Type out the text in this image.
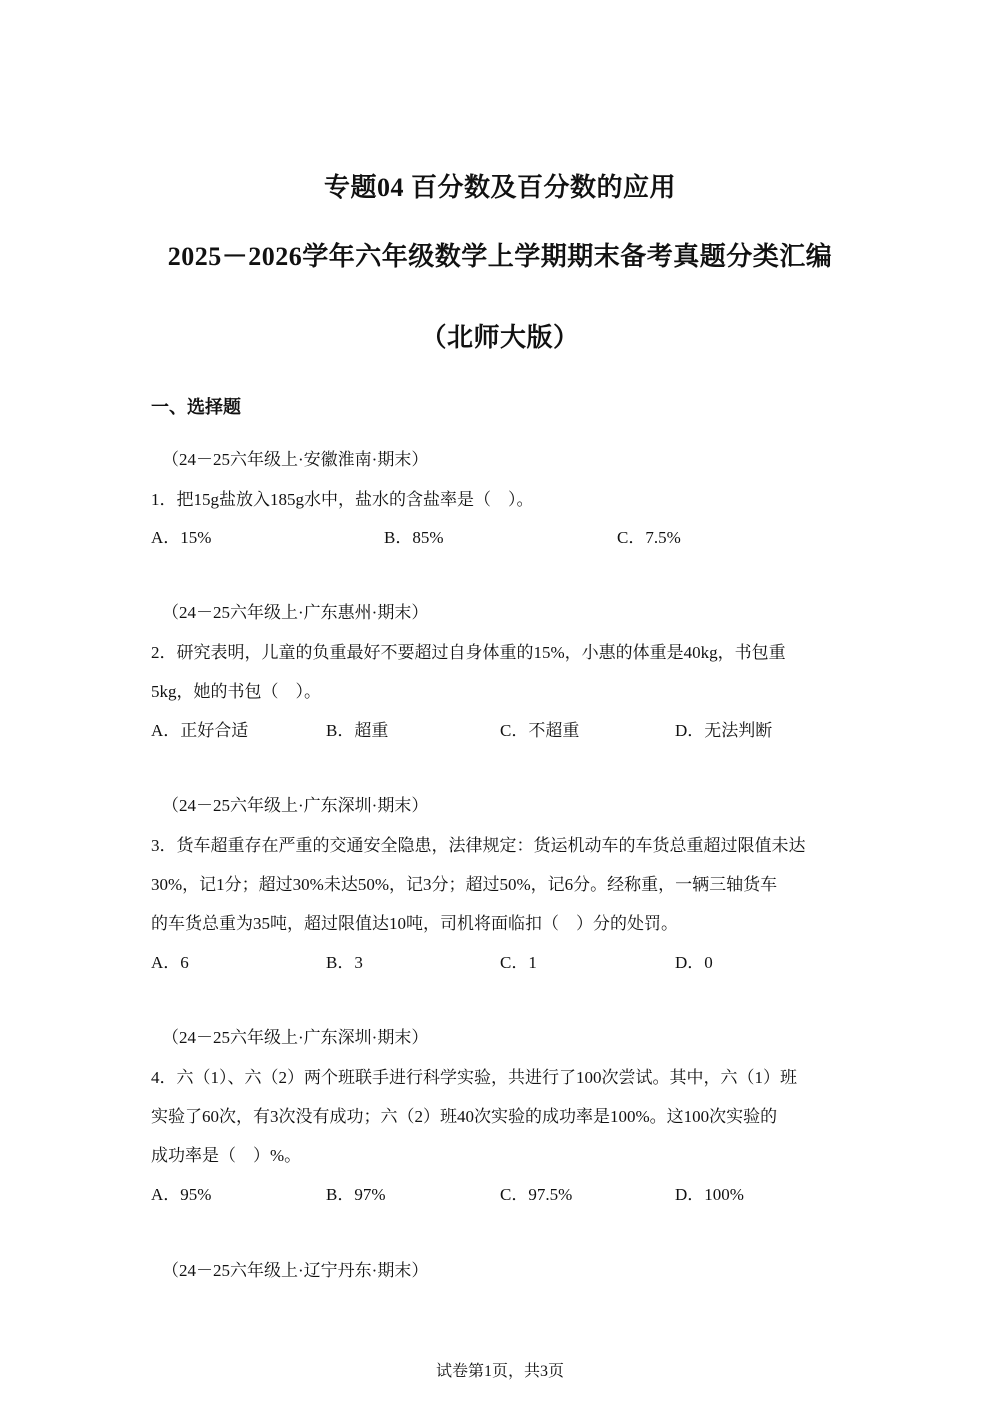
专题04 百分数及百分数的应用
2025－2026学年六年级数学上学期期末备考真题分类汇编
（北师大版）
一、选择题
（24－25六年级上·安徽淮南·期末）
1．把15g盐放入185g水中，盐水的含盐率是（　）。
A．15%	B．85%	C．7.5%
（24－25六年级上·广东惠州·期末）
2．研究表明，儿童的负重最好不要超过自身体重的15%，小惠的体重是40kg，书包重
5kg，她的书包（　）。
A．正好合适	B．超重	C．不超重	D．无法判断
（24－25六年级上·广东深圳·期末）
3．货车超重存在严重的交通安全隐患，法律规定：货运机动车的车货总重超过限值未达
30%，记1分；超过30%未达50%，记3分；超过50%，记6分。经称重，一辆三轴货车
的车货总重为35吨，超过限值达10吨，司机将面临扣（　）分的处罚。
A．6	B．3	C．1	D．0
（24－25六年级上·广东深圳·期末）
4．六（1）、六（2）两个班联手进行科学实验，共进行了100次尝试。其中，六（1）班
实验了60次，有3次没有成功；六（2）班40次实验的成功率是100%。这100次实验的
成功率是（　）%。
A．95%	B．97%	C．97.5%	D．100%
（24－25六年级上·辽宁丹东·期末）
试卷第1页，共3页
